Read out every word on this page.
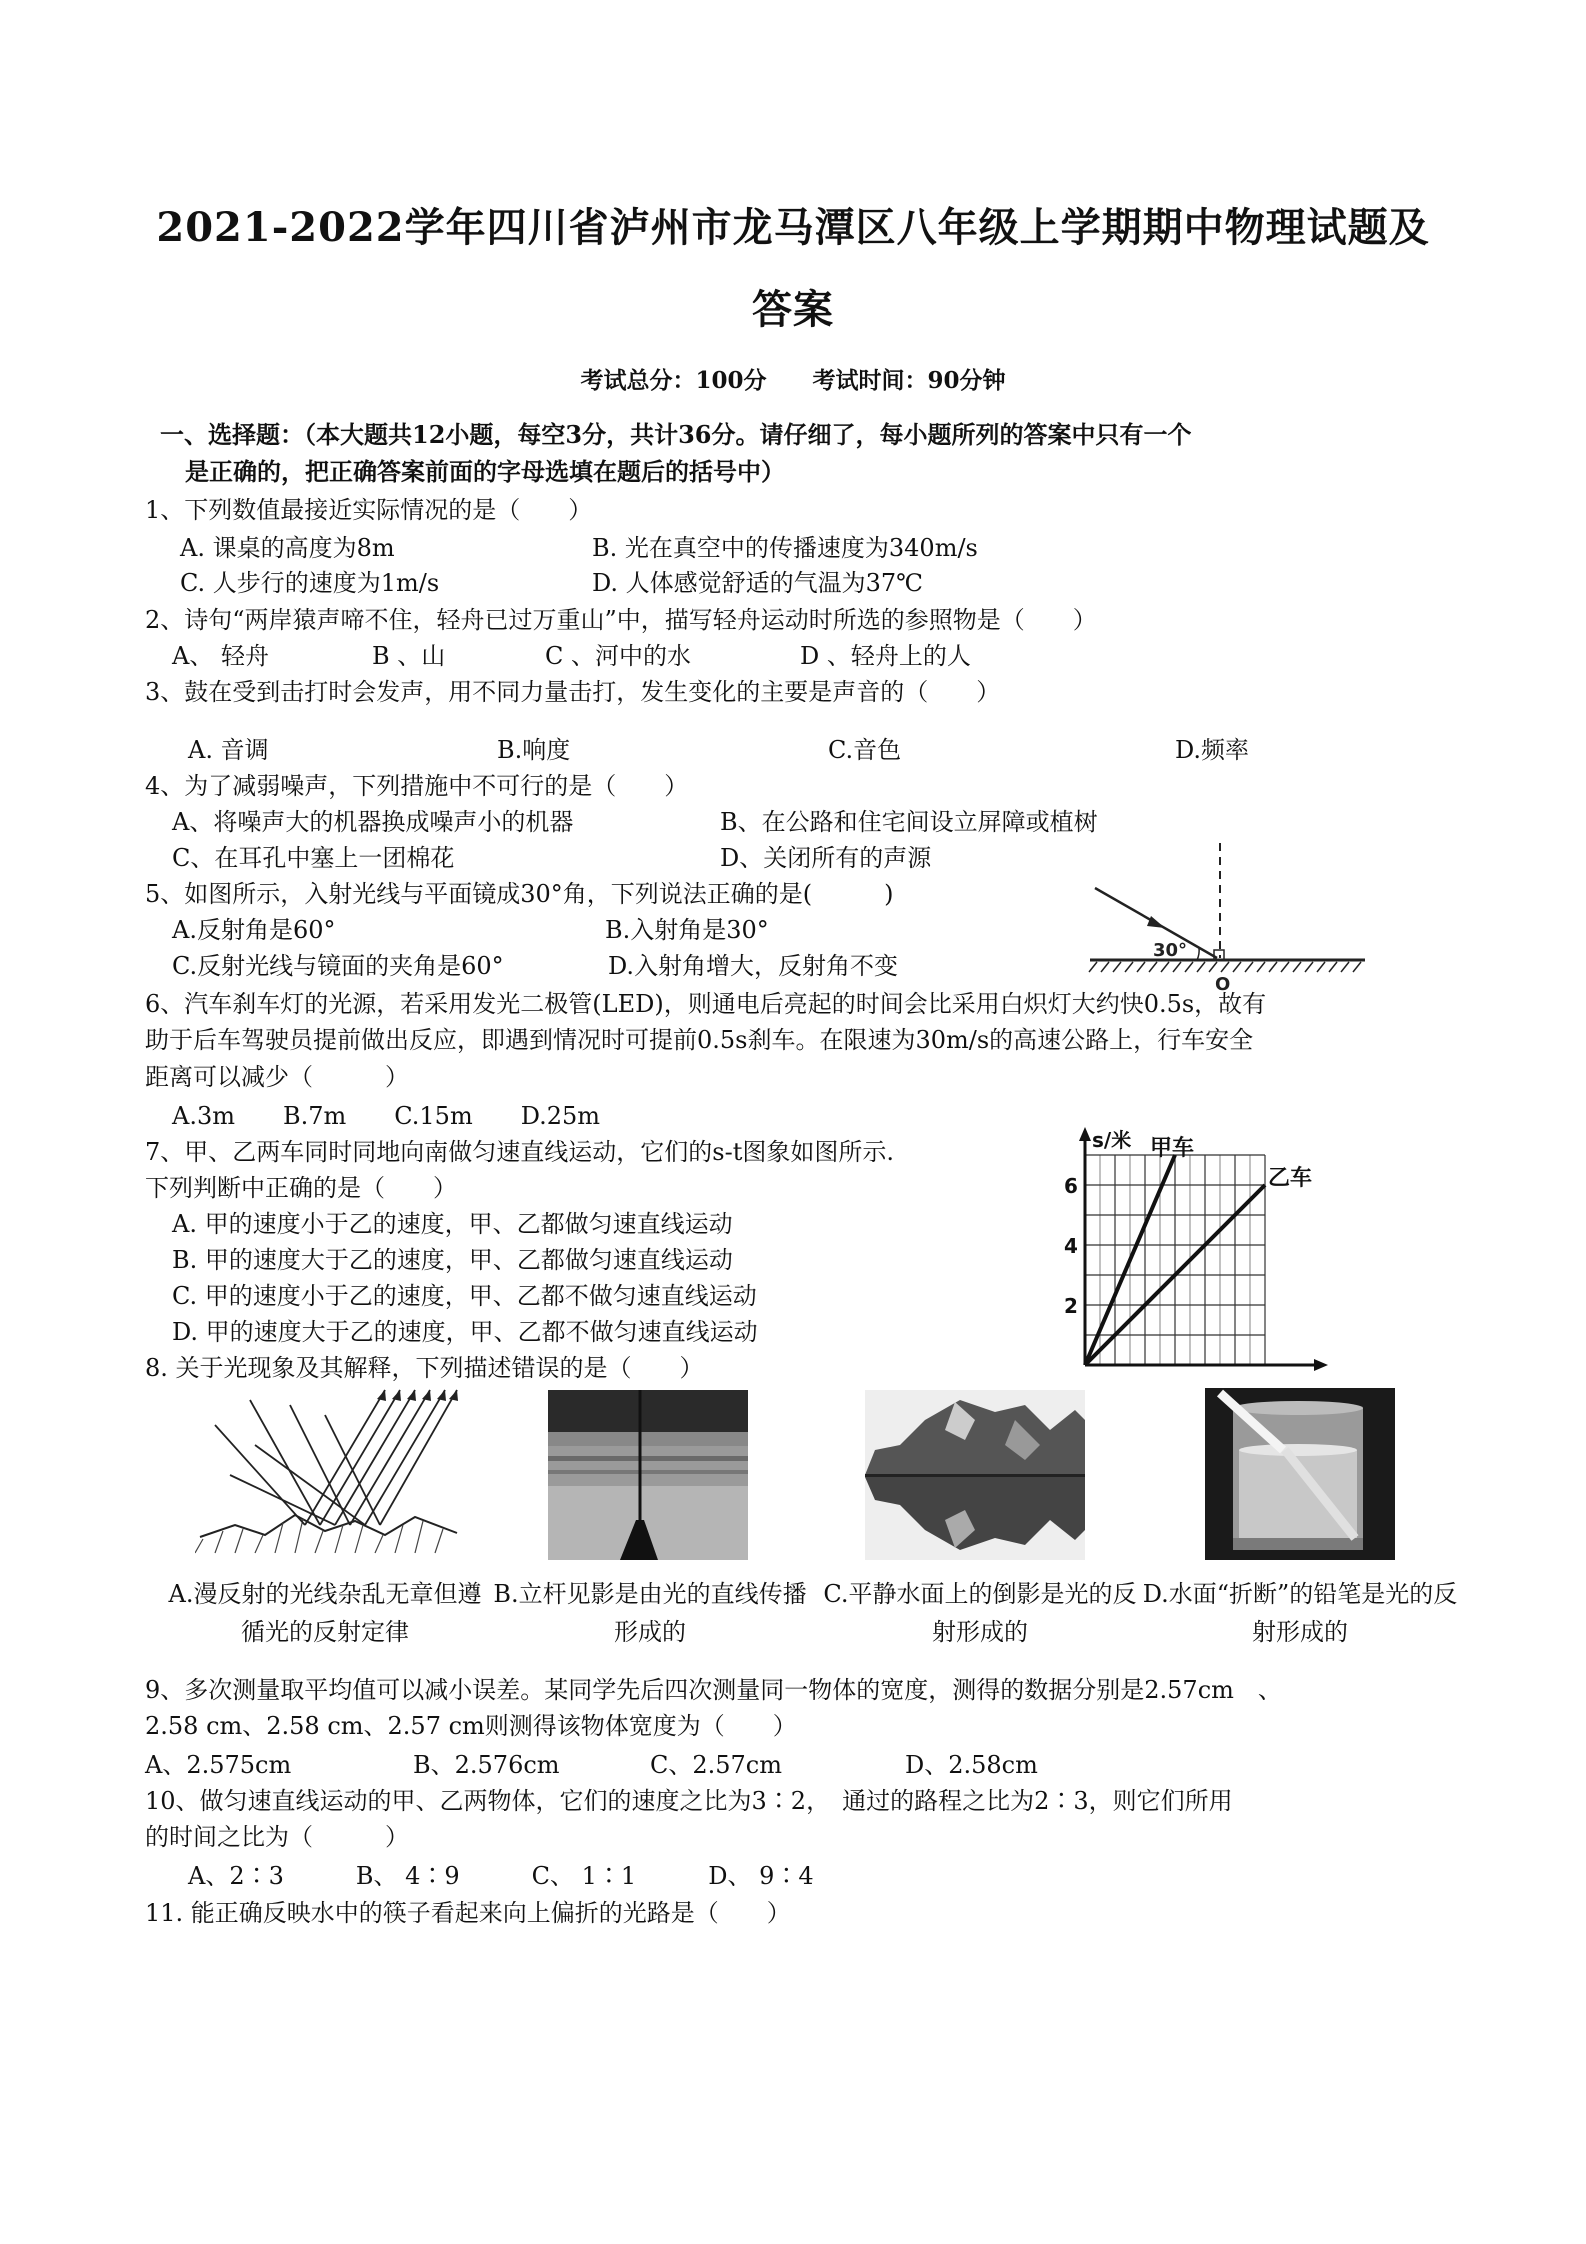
2021-2022学年四川省泸州市龙马潭区八年级上学期期中物理试题及
答案
考试总分：100分　　考试时间：90分钟
一、选择题：（本大题共12小题，每空3分，共计36分。请仔细了，每小题所列的答案中只有一个
是正确的，把正确答案前面的字母选填在题后的括号中）
1、下列数值最接近实际情况的是（　　）
A. 课桌的高度为8m	B. 光在真空中的传播速度为340m/s
C. 人步行的速度为1m/s	D. 人体感觉舒适的气温为37℃
2、诗句“两岸猿声啼不住，轻舟已过万重山”中，描写轻舟运动时所选的参照物是（　　）
A、 轻舟	B 、山	C 、河中的水	D 、轻舟上的人
3、鼓在受到击打时会发声，用不同力量击打，发生变化的主要是声音的（　　）
A. 音调	B.响度	C.音色	D.频率
4、为了减弱噪声，下列措施中不可行的是（　　）
A、将噪声大的机器换成噪声小的机器	B、在公路和住宅间设立屏障或植树
C、在耳孔中塞上一团棉花	D、关闭所有的声源
5、如图所示，入射光线与平面镜成30°角，下列说法正确的是(　　　)
A.反射角是60°	B.入射角是30°
C.反射光线与镜面的夹角是60°	D.入射角增大，反射角不变
30°
O
6、汽车刹车灯的光源，若采用发光二极管(LED)，则通电后亮起的时间会比采用白炽灯大约快0.5s，故有
助于后车驾驶员提前做出反应，即遇到情况时可提前0.5s刹车。在限速为30m/s的高速公路上，行车安全
距离可以减少（　　　）
A.3m　　B.7m　　C.15m　　D.25m
7、甲、乙两车同时同地向南做匀速直线运动，它们的s-t图象如图所示.
下列判断中正确的是（　　）
A. 甲的速度小于乙的速度，甲、乙都做匀速直线运动
B. 甲的速度大于乙的速度，甲、乙都做匀速直线运动
C. 甲的速度小于乙的速度，甲、乙都不做匀速直线运动
D. 甲的速度大于乙的速度，甲、乙都不做匀速直线运动
s/米 甲车
乙车
6
4
2
8. 关于光现象及其解释，下列描述错误的是（　　）
A.漫反射的光线杂乱无章但遵循光的反射定律
B.立杆见影是由光的直线传播形成的
C.平静水面上的倒影是光的反射形成的
D.水面“折断”的铅笔是光的反射形成的
9、多次测量取平均值可以减小误差。某同学先后四次测量同一物体的宽度，测得的数据分别是2.57cm　、
2.58 cm、2.58 cm、2.57 cm则测得该物体宽度为（　　）
A、2.575cm	B、2.576cm	C、2.57cm	D、2.58cm
10、做匀速直线运动的甲、乙两物体，它们的速度之比为3∶2，　通过的路程之比为2∶3，则它们所用
的时间之比为（　　　）
A、2∶3　　　B、 4∶9　　　C、 1∶1　　　D、 9∶4
11. 能正确反映水中的筷子看起来向上偏折的光路是（　　）
